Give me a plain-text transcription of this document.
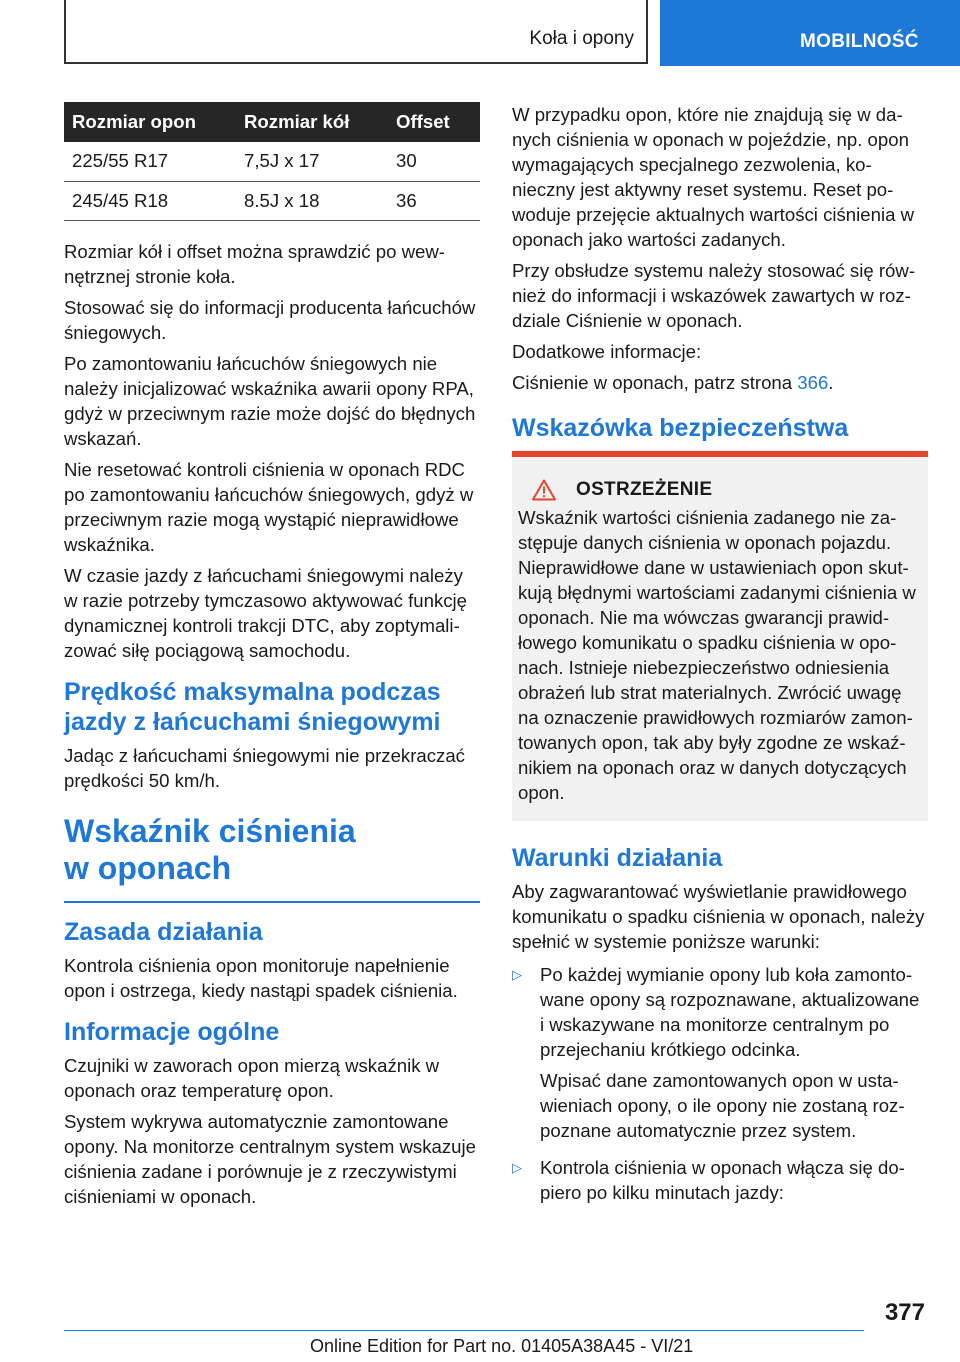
Koła i opony	MOBILNOŚĆ
Rozmiar opon	Rozmiar kół	Offset
225/55 R17	7,5J x 17	30
245/45 R18	8.5J x 18	36

Rozmiar kół i offset można sprawdzić po wewnętrznej stronie koła.

Stosować się do informacji producenta łańcuchów śniegowych.

Po zamontowaniu łańcuchów śniegowych nie należy inicjalizować wskaźnika awarii opony RPA, gdyż w przeciwnym razie może dojść do błędnych wskazań.

Nie resetować kontroli ciśnienia w oponach RDC po zamontowaniu łańcuchów śniegowych, gdyż w przeciwnym razie mogą wystąpić nieprawidłowe wskaźnika.

W czasie jazdy z łańcuchami śniegowymi należy w razie potrzeby tymczasowo aktywować funkcję dynamicznej kontroli trakcji DTC, aby zoptymalizować siłę pociągową samochodu.

Prędkość maksymalna podczas jazdy z łańcuchami śniegowymi

Jadąc z łańcuchami śniegowymi nie przekraczać prędkości 50 km/h.

Wskaźnik ciśnienia
w oponach
Zasada działania

Kontrola ciśnienia opon monitoruje napełnienie opon i ostrzega, kiedy nastąpi spadek ciśnienia.

Informacje ogólne

Czujniki w zaworach opon mierzą wskaźnik w oponach oraz temperaturę opon.

System wykrywa automatycznie zamontowane opony. Na monitorze centralnym system wskazuje ciśnienia zadane i porównuje je z rzeczywistymi ciśnieniami w oponach.

W przypadku opon, które nie znajdują się w danych ciśnienia w oponach w pojeździe, np. opon wymagających specjalnego zezwolenia, konieczny jest aktywny reset systemu. Reset powoduje przejęcie aktualnych wartości ciśnienia w oponach jako wartości zadanych.

Przy obsłudze systemu należy stosować się również do informacji i wskazówek zawartych w rozdziale Ciśnienie w oponach.

Dodatkowe informacje:

Ciśnienie w oponach, patrz strona 366.

Wskazówka bezpieczeństwa
OSTRZEŻENIE

Wskaźnik wartości ciśnienia zadanego nie zastępuje danych ciśnienia w oponach pojazdu. Nieprawidłowe dane w ustawieniach opon skutkują błędnymi wartościami zadanymi ciśnienia w oponach. Nie ma wówczas gwarancji prawidłowego komunikatu o spadku ciśnienia w oponach. Istnieje niebezpieczeństwo odniesienia obrażeń lub strat materialnych. Zwrócić uwagę na oznaczenie prawidłowych rozmiarów zamontowanych opon, tak aby były zgodne ze wskaźnikiem na oponach oraz w danych dotyczących opon.

Warunki działania

Aby zagwarantować wyświetlanie prawidłowego komunikatu o spadku ciśnienia w oponach, należy spełnić w systemie poniższe warunki:

▷ Po każdej wymianie opony lub koła zamontowane opony są rozpoznawane, aktualizowane i wskazywane na monitorze centralnym po przejechaniu krótkiego odcinka.

Wpisać dane zamontowanych opon w ustawieniach opony, o ile opony nie zostaną rozpoznane automatycznie przez system.

▷ Kontrola ciśnienia w oponach włącza się dopiero po kilku minutach jazdy:

377
Online Edition for Part no. 01405A38A45 - VI/21
